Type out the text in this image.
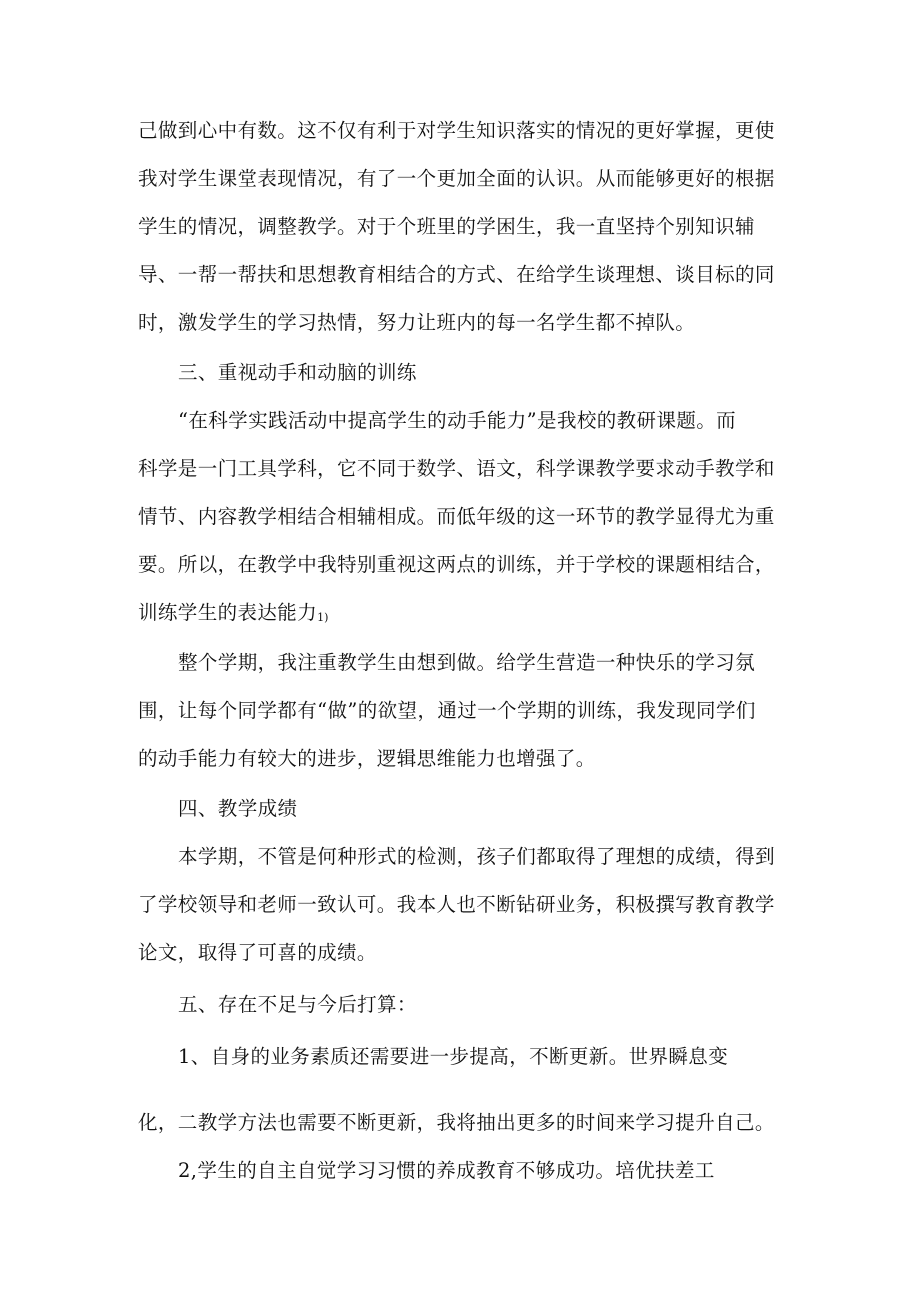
己做到心中有数。这不仅有利于对学生知识落实的情况的更好掌握，更使
我对学生课堂表现情况，有了一个更加全面的认识。从而能够更好的根据
学生的情况，调整教学。对于个班里的学困生，我一直坚持个别知识辅
导、一帮一帮扶和思想教育相结合的方式、在给学生谈理想、谈目标的同
时，激发学生的学习热情，努力让班内的每一名学生都不掉队。
三、重视动手和动脑的训练
“在科学实践活动中提高学生的动手能力”是我校的教研课题。而
科学是一门工具学科，它不同于数学、语文，科学课教学要求动手教学和
情节、内容教学相结合相辅相成。而低年级的这一环节的教学显得尤为重
要。所以，在教学中我特别重视这两点的训练，并于学校的课题相结合，
训练学生的表达能力1)
整个学期，我注重教学生由想到做。给学生营造一种快乐的学习氛
围，让每个同学都有“做”的欲望，通过一个学期的训练，我发现同学们
的动手能力有较大的进步，逻辑思维能力也增强了。
四、教学成绩
本学期，不管是何种形式的检测，孩子们都取得了理想的成绩，得到
了学校领导和老师一致认可。我本人也不断钻研业务，积极撰写教育教学
论文，取得了可喜的成绩。
五、存在不足与今后打算：
1、自身的业务素质还需要进一步提高，不断更新。世界瞬息变
化，二教学方法也需要不断更新，我将抽出更多的时间来学习提升自己。
2,学生的自主自觉学习习惯的养成教育不够成功。培优扶差工
